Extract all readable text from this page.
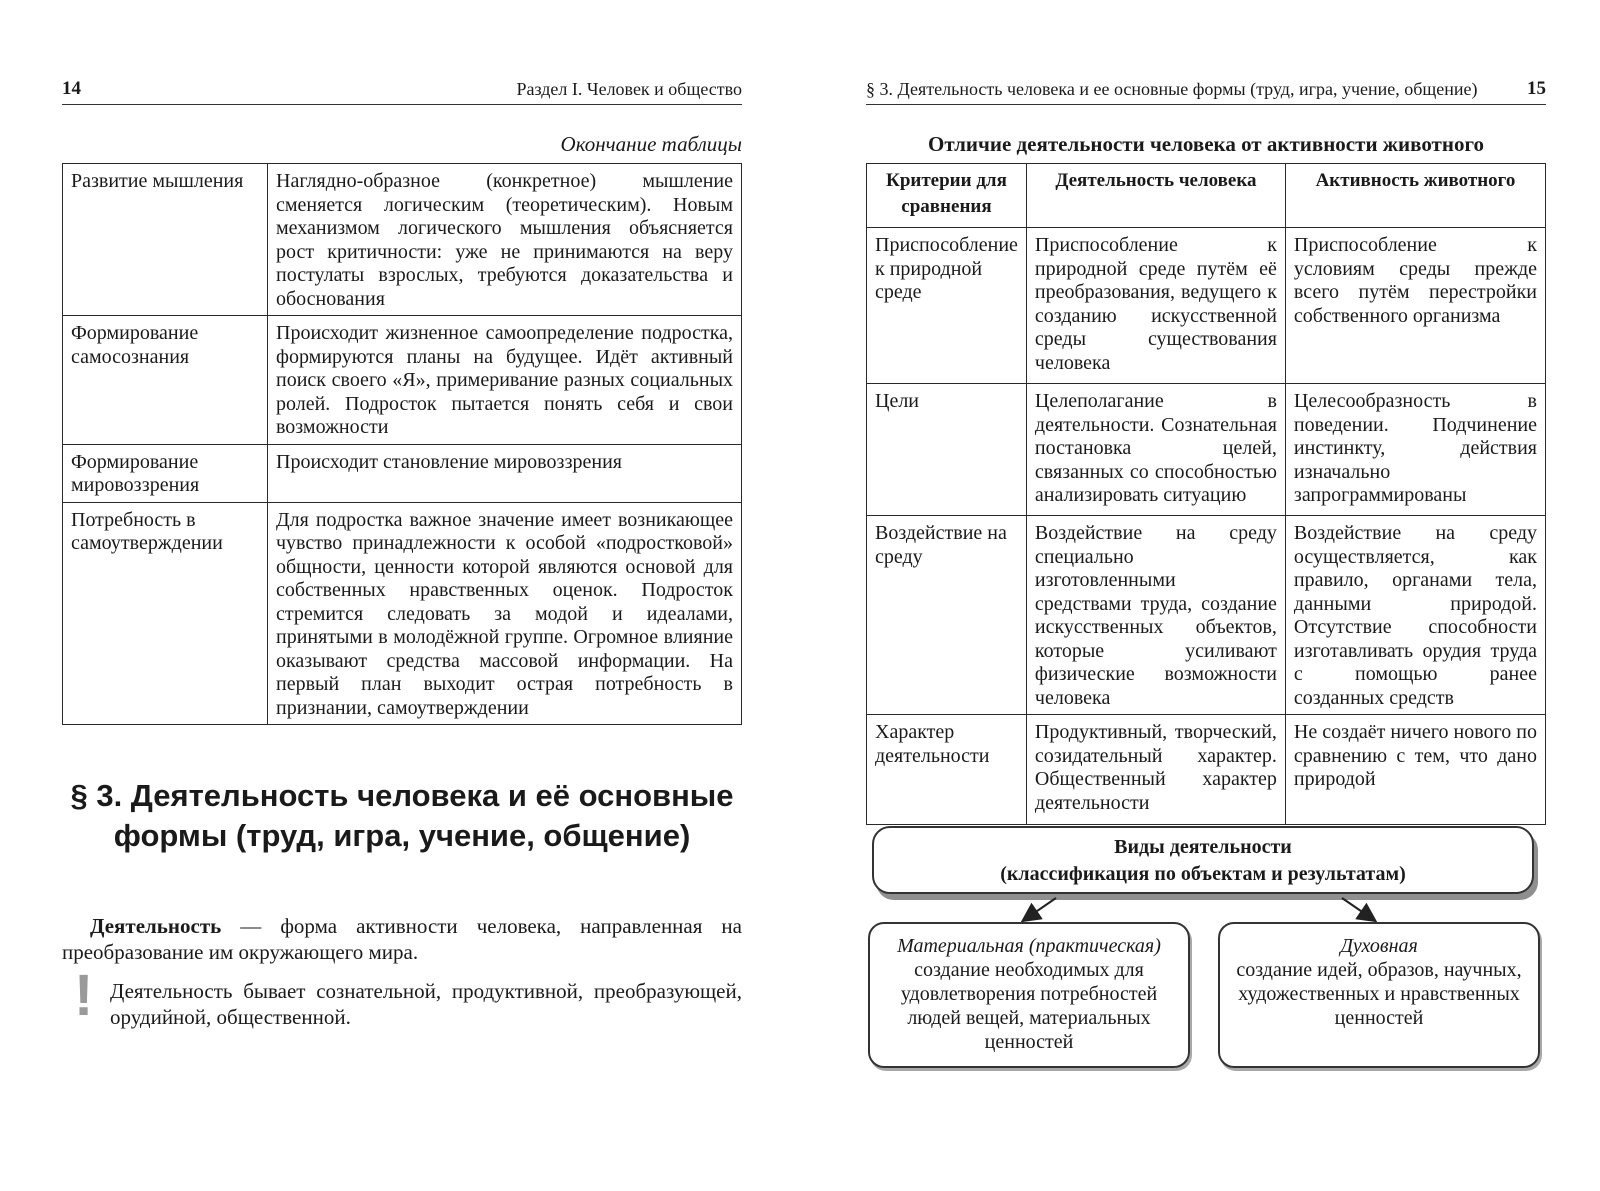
14	Раздел I. Человек и общество
Окончание таблицы
Развитие мышления	Наглядно-образное (конкретное) мышление сменяется логическим (теоретическим). Новым механизмом логического мышления объясняется рост критичности: уже не принимаются на веру постулаты взрослых, требуются доказательства и обоснования
Формирование самосознания	Происходит жизненное самоопределение подростка, формируются планы на будущее. Идёт активный поиск своего «Я», примеривание разных социальных ролей. Подросток пытается понять себя и свои возможности
Формирование мировоззрения	Происходит становление мировоззрения
Потребность в самоутверждении	Для подростка важное значение имеет возникающее чувство принадлежности к особой «подростковой» общности, ценности которой являются основой для собственных нравственных оценок. Подросток стремится следовать за модой и идеалами, принятыми в молодёжной группе. Огромное влияние оказывают средства массовой информации. На первый план выходит острая потребность в признании, самоутверждении
§ 3. Деятельность человека и её основные формы (труд, игра, учение, общение)
Деятельность — форма активности человека, направленная на преобразование им окружающего мира.
! Деятельность бывает сознательной, продуктивной, преобразующей, орудийной, общественной.
§ 3. Деятельность человека и ее основные формы (труд, игра, учение, общение)	15
Отличие деятельности человека от активности животного
Критерии для сравнения	Деятельность человека	Активность животного
Приспособление к природной среде	Приспособление к природной среде путём её преобразования, ведущего к созданию искусственной среды существования человека	Приспособление к условиям среды прежде всего путём перестройки собственного организма
Цели	Целеполагание в деятельности. Сознательная постановка целей, связанных со способностью анализировать ситуацию	Целесообразность в поведении. Подчинение инстинкту, действия изначально запрограммированы
Воздействие на среду	Воздействие на среду специально изготовленными средствами труда, создание искусственных объектов, которые усиливают физические возможности человека	Воздействие на среду осуществляется, как правило, органами тела, данными природой. Отсутствие способности изготавливать орудия труда с помощью ранее созданных средств
Характер деятельности	Продуктивный, творческий, созидательный характер. Общественный характер деятельности	Не создаёт ничего нового по сравнению с тем, что дано природой
Виды деятельности
(классификация по объектам и результатам)
Материальная (практическая)
создание необходимых для удовлетворения потребностей людей вещей, материальных ценностей
Духовная
создание идей, образов, научных, художественных и нравственных ценностей
